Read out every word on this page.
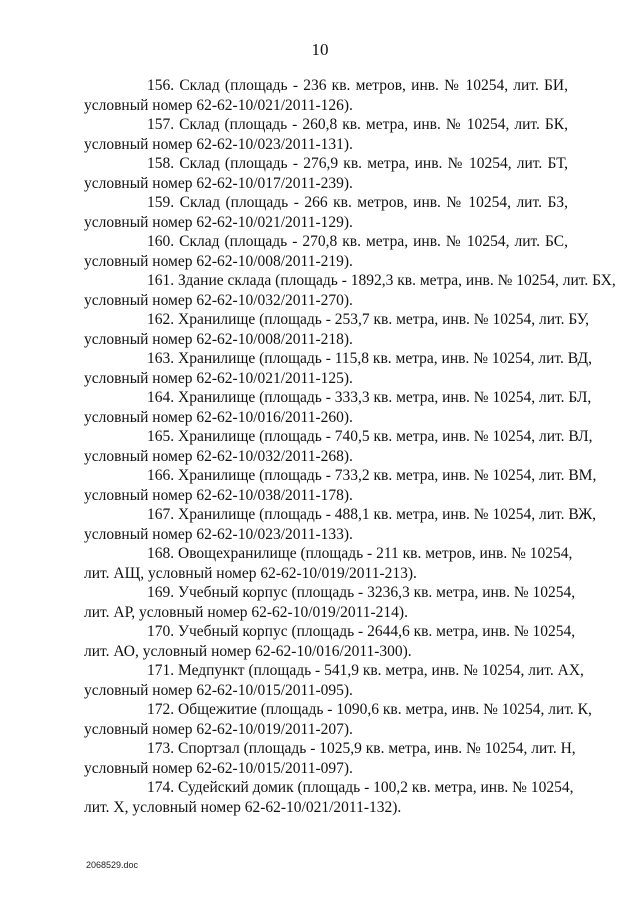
10

156. Склад (площадь - 236 кв. метров, инв. № 10254, лит. БИ,
условный номер 62-62-10/021/2011-126).

157. Склад (площадь - 260,8 кв. метра, инв. № 10254, лит. БК,
условный номер 62-62-10/023/2011-131).

158. Склад (площадь - 276,9 кв. метра, инв. № 10254, лит. БТ,
условный номер 62-62-10/017/2011-239).

159. Склад (площадь - 266 кв. метров, инв. № 10254, лит. БЗ,
условный номер 62-62-10/021/2011-129).

160. Склад (площадь - 270,8 кв. метра, инв. № 10254, лит. БС,
условный номер 62-62-10/008/2011-219).

161. Здание склада (площадь - 1892,3 кв. метра, инв. № 10254, лит. БХ,
условный номер 62-62-10/032/2011-270).

162. Хранилище (площадь - 253,7 кв. метра, инв. № 10254, лит. БУ,
условный номер 62-62-10/008/2011-218).

163. Хранилище (площадь - 115,8 кв. метра, инв. № 10254, лит. ВД,
условный номер 62-62-10/021/2011-125).

164. Хранилище (площадь - 333,3 кв. метра, инв. № 10254, лит. БЛ,
условный номер 62-62-10/016/2011-260).

165. Хранилище (площадь - 740,5 кв. метра, инв. № 10254, лит. ВЛ,
условный номер 62-62-10/032/2011-268).

166. Хранилище (площадь - 733,2 кв. метра, инв. № 10254, лит. ВМ,
условный номер 62-62-10/038/2011-178).

167. Хранилище (площадь - 488,1 кв. метра, инв. № 10254, лит. ВЖ,
условный номер 62-62-10/023/2011-133).

168. Овощехранилище (площадь - 211 кв. метров, инв. № 10254,
лит. АЩ, условный номер 62-62-10/019/2011-213).

169. Учебный корпус (площадь - 3236,3 кв. метра, инв. № 10254,
лит. АР, условный номер 62-62-10/019/2011-214).

170. Учебный корпус (площадь - 2644,6 кв. метра, инв. № 10254,
лит. АО, условный номер 62-62-10/016/2011-300).

171. Медпункт (площадь - 541,9 кв. метра, инв. № 10254, лит. АХ,
условный номер 62-62-10/015/2011-095).

172. Общежитие (площадь - 1090,6 кв. метра, инв. № 10254, лит. К,
условный номер 62-62-10/019/2011-207).

173. Спортзал (площадь - 1025,9 кв. метра, инв. № 10254, лит. Н,
условный номер 62-62-10/015/2011-097).

174. Судейский домик (площадь - 100,2 кв. метра, инв. № 10254,
лит. Х, условный номер 62-62-10/021/2011-132).

2068529.doc
